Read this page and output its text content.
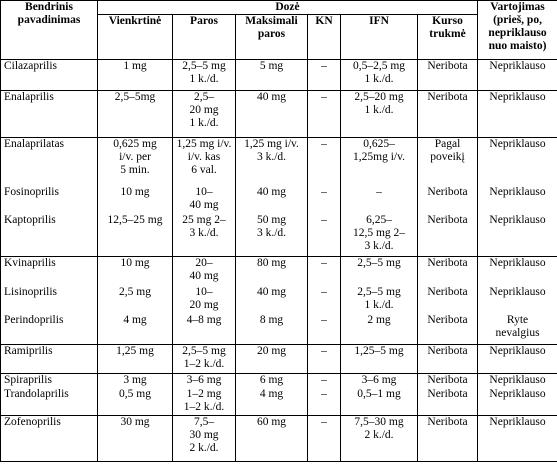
Bendrinis
pavadinimas	Dozė						Vartojimas
(prieš, po,
nepriklauso
nuo maisto)

	Vienkrtinė	Paros	Maksimali
paros	KN	IFN	Kurso
trukmė	

Cilazaprilis	1 mg	2,5–5 mg
1 k./d.	5 mg	–	0,5–2,5 mg
1 k./d.	Neribota	Nepriklauso

Enalaprilis	2,5–5mg	2,5–
20 mg
1 k./d.	40 mg	–	2,5–20 mg
1 k./d.	Neribota	Nepriklauso

Enalaprilatas	0,625 mg
i/v. per
5 min.	1,25 mg i/v.
i/v. kas
6 val.	1,25 mg i/v.
3 k./d.	–	0,625–
1,25mg i/v.	Pagal
poveikį	Nepriklauso

Fosinoprilis	10 mg	10–
40 mg	40 mg	–	–	Neribota	Nepriklauso

Kaptoprilis	12,5–25 mg	25 mg 2–
3 k./d.	50 mg
3 k./d.	–	6,25–
12,5 mg 2–
3 k./d.	Neribota	Nepriklauso

Kvinaprilis	10 mg	20–
40 mg	80 mg	–	2,5–5 mg	Neribota	Nepriklauso

Lisinoprilis	2,5 mg	10–
20 mg	40 mg	–	2,5–5 mg
1 k./d.	Neribota	Nepriklauso

Perindoprilis	4 mg	4–8 mg	8 mg	–	2 mg	Neribota	Ryte
nevalgius

Ramiprilis	1,25 mg	2,5–5 mg
1–2 k./d.	20 mg	–	1,25–5 mg	Neribota	Nepriklauso

Spiraprilis	3 mg	3–6 mg	6 mg	–	3–6 mg	Neribota	Nepriklauso

Trandolaprilis	0,5 mg	1–2 mg
1–2 k./d.	4 mg	–	0,5–1 mg	Neribota	Nepriklauso

Zofenoprilis	30 mg	7,5–
30 mg
2 k./d.	60 mg	–	7,5–30 mg
2 k./d.	Neribota	Nepriklauso
